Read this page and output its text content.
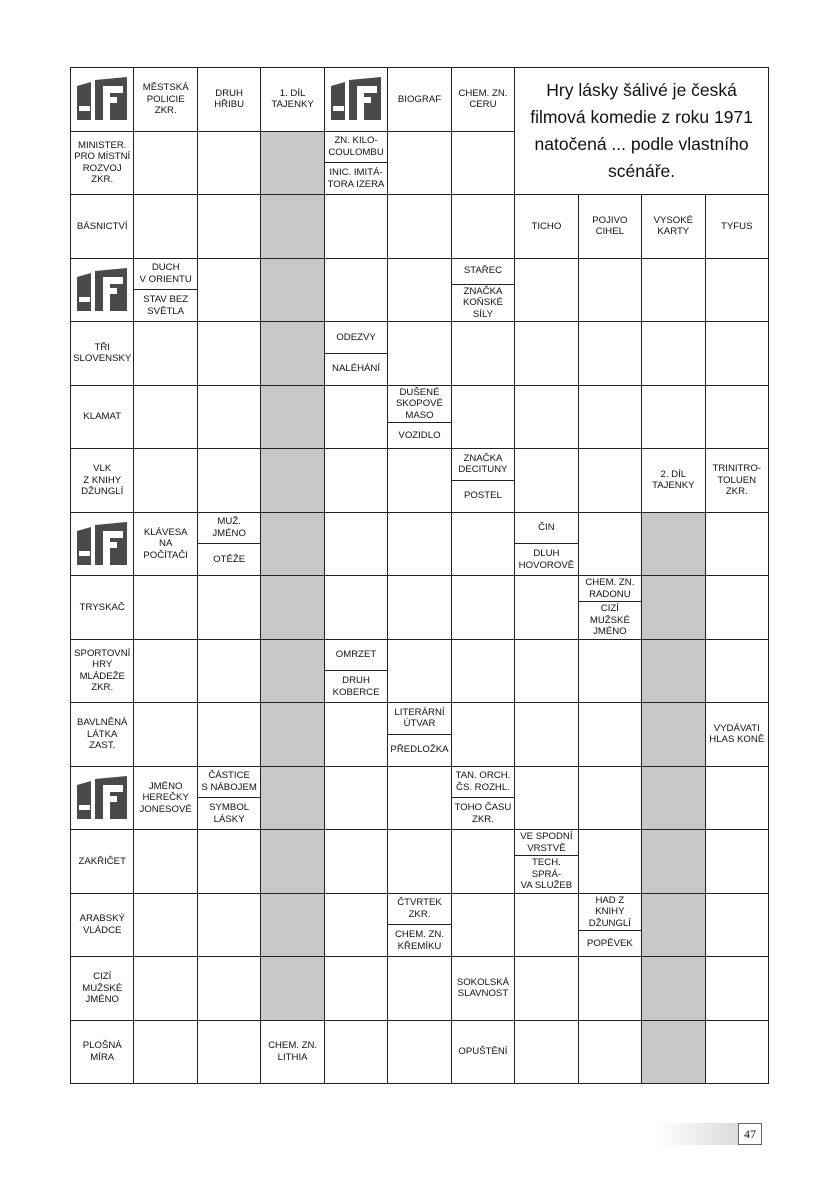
MĚSTSKÁ
POLICIE
ZKR.
DRUH
HŘIBU
1. DÍL
TAJENKY
BIOGRAF
CHEM. ZN.
CERU
Hry lásky šálivé je česká filmová komedie z roku 1971 natočená ... podle vlastního scénáře.
MINISTER.
PRO MÍSTNÍ
ROZVOJ
ZKR.
ZN. KILO-
COULOMBU
INIC. IMITÁ-
TORA IZERA
BÁSNICTVÍ	TICHO
POJIVO
CIHEL
VYSOKÉ
KARTY
TYFUS
DUCH
V ORIENTU
STAV BEZ
SVĚTLA
STAŘEC
ZNAČKA
KOŇSKÉ
SÍLY
TŘI
SLOVENSKY
ODEZVY
NALÉHÁNÍ
KLAMAT
DUŠENÉ
SKOPOVÉ
MASO
VOZIDLO
VLK
Z KNIHY
DŽUNGLÍ
ZNAČKA
DECITUNY
POSTEL
2. DÍL
TAJENKY
TRINITRO-
TOLUEN
ZKR.
KLÁVESA
NA
POČÍTAČI
MUŽ.
JMÉNO
OTĚŽE
ČIN
DLUH
HOVOROVĚ
TRYSKAČ
CHEM. ZN.
RADONU
CIZÍ MUŽSKÉ
JMÉNO
SPORTOVNÍ
HRY
MLÁDEŽE
ZKR.
OMRZET
DRUH
KOBERCE
BAVLNĚNÁ
LÁTKA
ZAST.
LITERÁRNÍ
ÚTVAR
PŘEDLOŽKA
VYDÁVATI
HLAS KONĚ
JMÉNO
HEREČKY
JONESOVÉ
ČÁSTICE
S NÁBOJEM
SYMBOL
LÁSKY
TAN. ORCH.
ČS. ROZHL.
TOHO ČASU
ZKR.
ZAKŘIČET
VE SPODNÍ
VRSTVĚ
TECH. SPRÁ-
VA SLUŽEB
ARABSKÝ
VLÁDCE
ČTVRTEK
ZKR.
CHEM. ZN.
KŘEMÍKU
HAD Z KNIHY
DŽUNGLÍ
POPĚVEK
CIZÍ
MUŽSKÉ
JMÉNO
SOKOLSKÁ
SLAVNOST
PLOŠNÁ
MÍRA
CHEM. ZN.
LITHIA
OPUŠTĚNÍ
47
